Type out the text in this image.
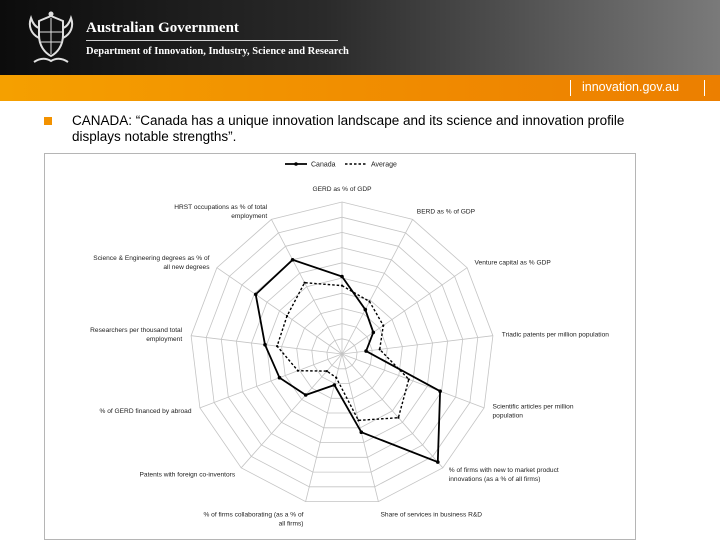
Australian Government
Department of Innovation, Industry, Science and Research
innovation.gov.au
CANADA: “Canada has a unique innovation landscape and its science and innovation profile displays notable strengths”.
GERD as % of GDP
BERD as % of GDP
Venture capital as % GDP
Triadic patents per million population
Scientific articles per million population
% of firms with new to market product innovations (as a % of all firms)
Share of services in business R&D
% of firms collaborating (as a % of all firms)
Patents with foreign co-inventors
% of GERD financed by abroad
Researchers per thousand total employment
Science & Engineering degrees as % of all new degrees
HRST occupations as % of total employment
Canada	Average
